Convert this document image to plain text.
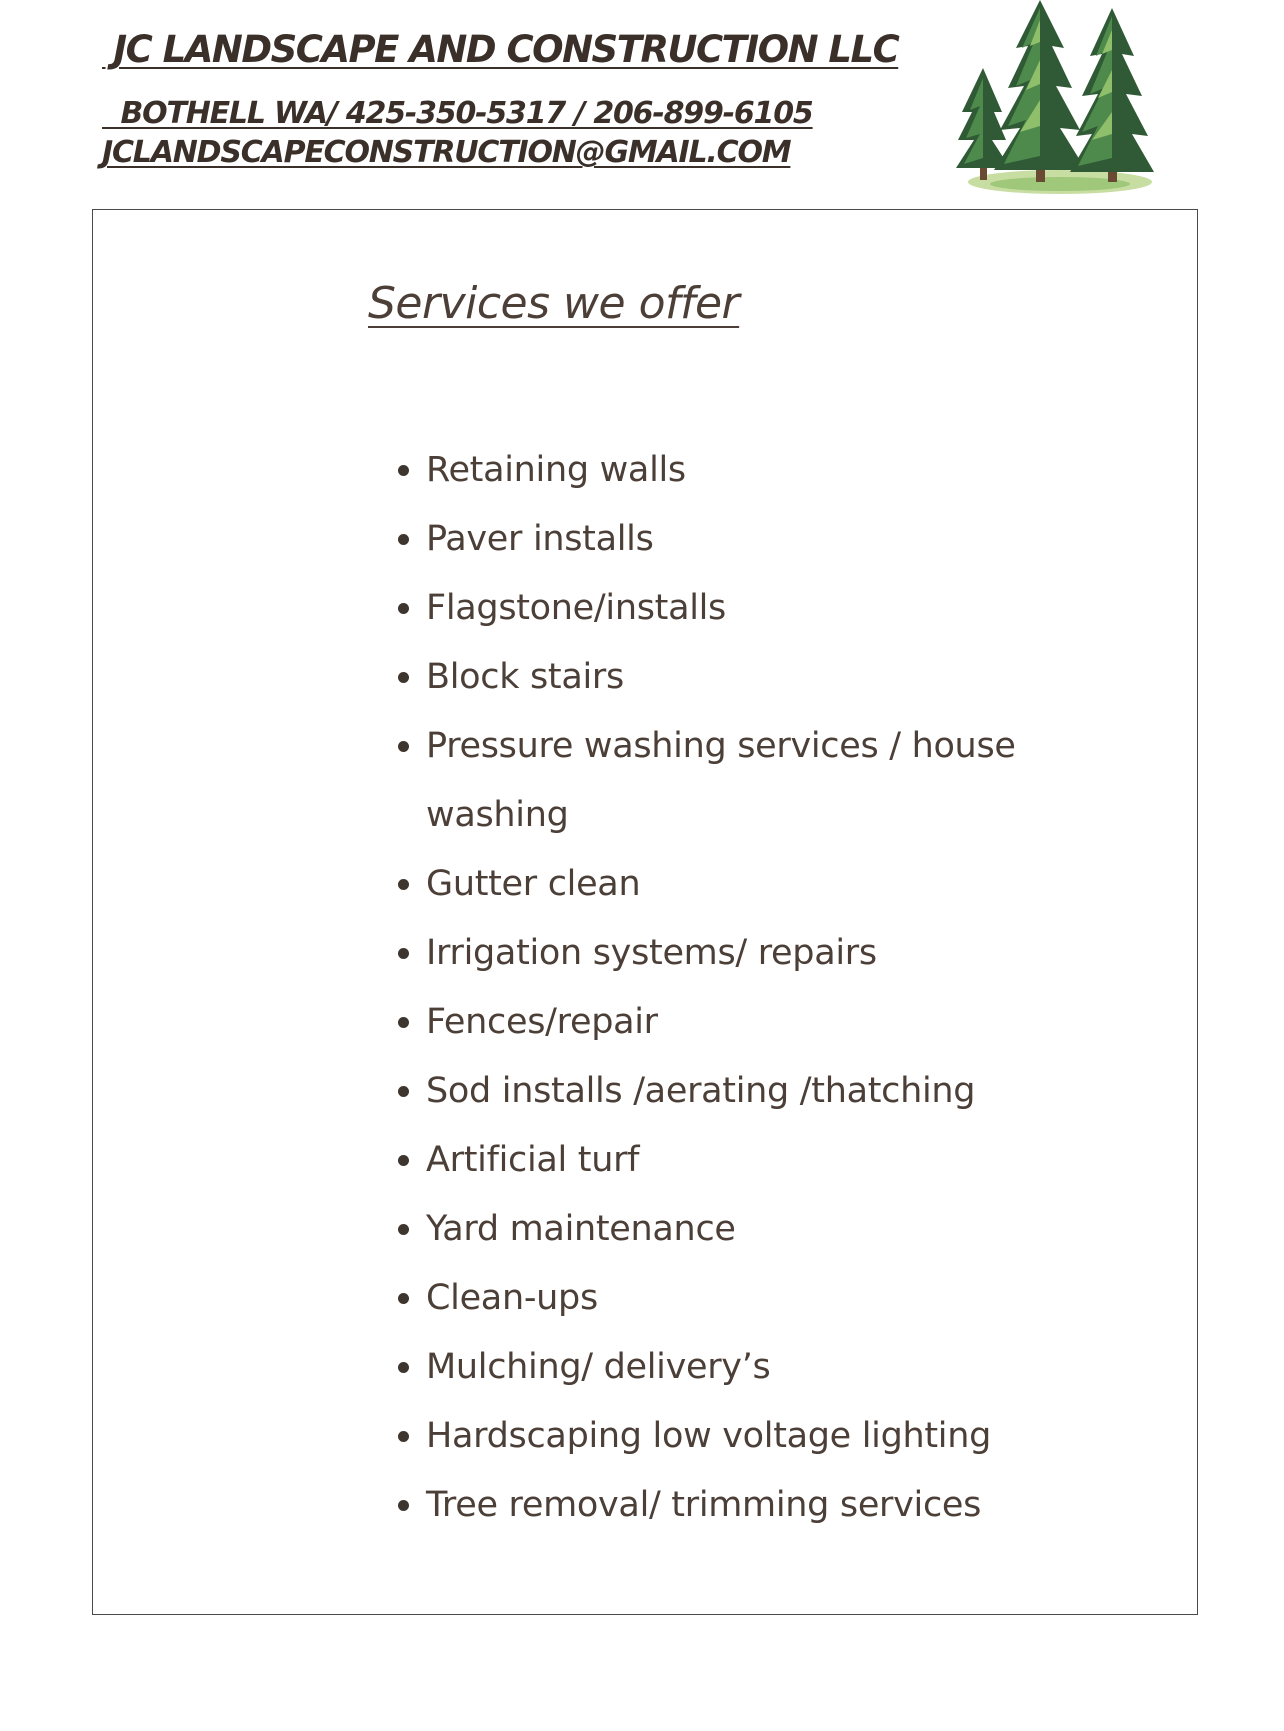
JC LANDSCAPE AND CONSTRUCTION LLC

BOTHELL WA/ 425-350-5317 / 206-899-6105

JCLANDSCAPECONSTRUCTION@GMAIL.COM

Services we offer
Retaining walls
Paver installs
Flagstone/installs
Block stairs
Pressure washing services / house washing
Gutter clean
Irrigation systems/ repairs
Fences/repair
Sod installs /aerating /thatching
Artificial turf
Yard maintenance
Clean-ups
Mulching/ delivery’s
Hardscaping low voltage lighting
Tree removal/ trimming services
